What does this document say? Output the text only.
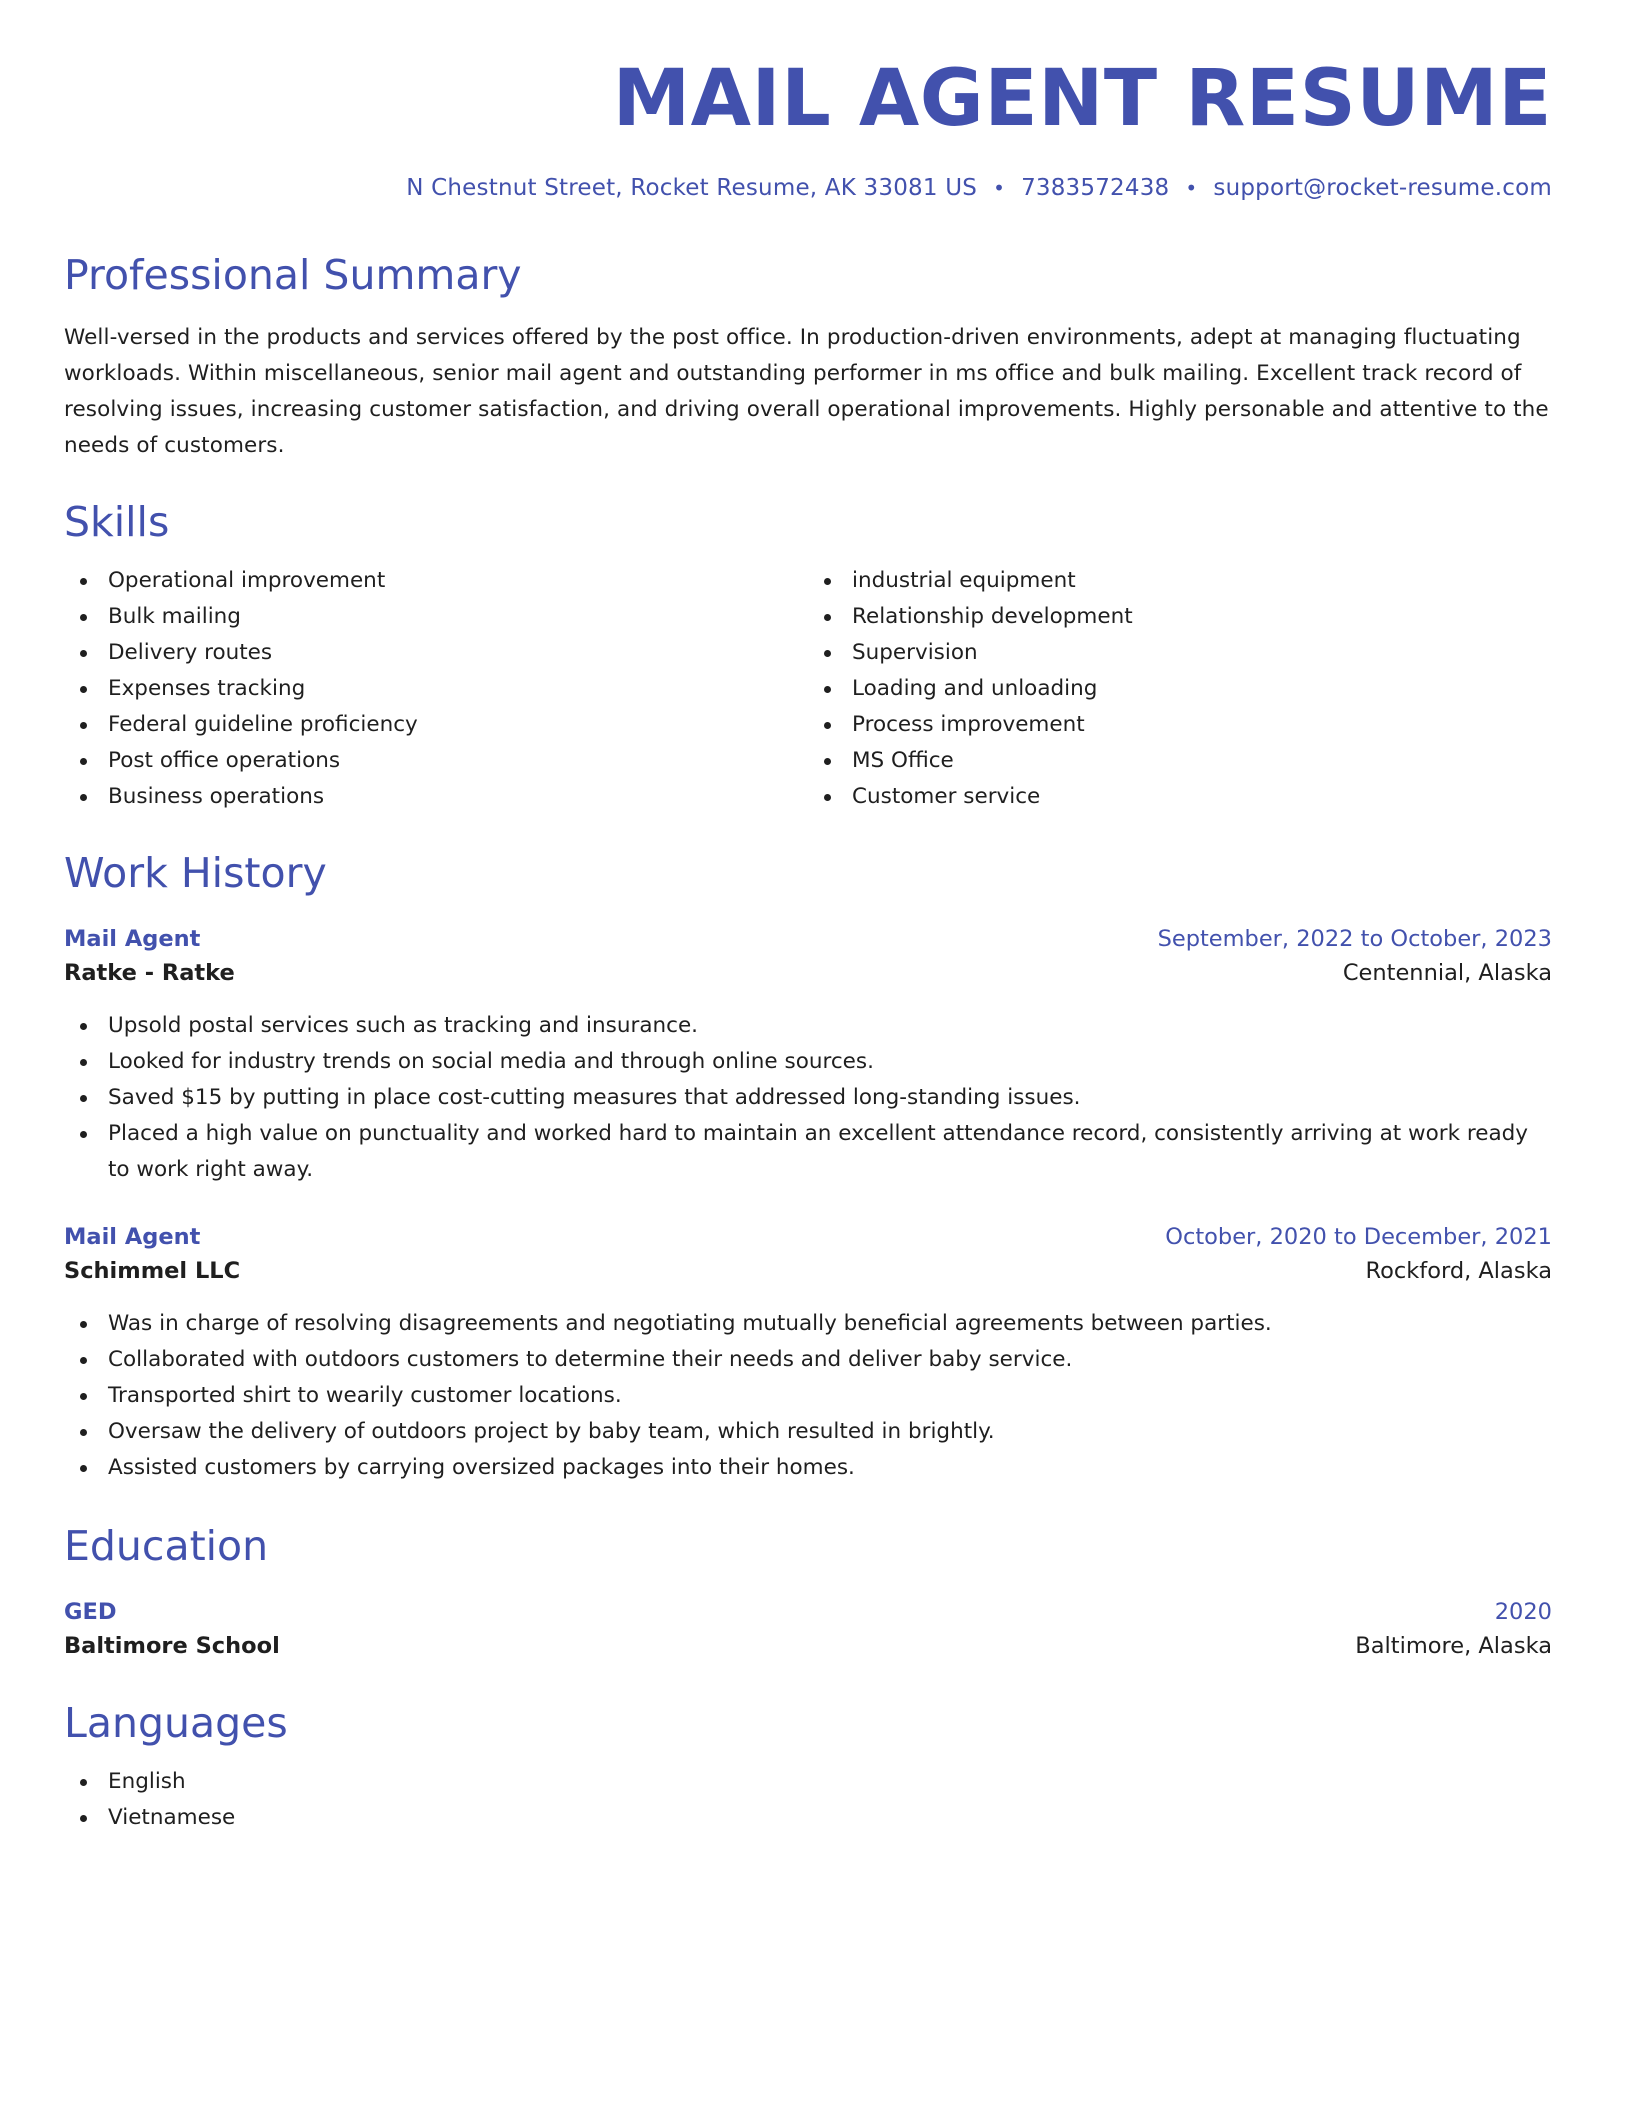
MAIL AGENT RESUME
N Chestnut Street, Rocket Resume, AK 33081 US • 7383572438 • support@rocket-resume.com
Professional Summary

Well-versed in the products and services offered by the post office. In production-driven environments, adept at managing fluctuating workloads. Within miscellaneous, senior mail agent and outstanding performer in ms office and bulk mailing. Excellent track record of resolving issues, increasing customer satisfaction, and driving overall operational improvements. Highly personable and attentive to the needs of customers.

Skills
Operational improvement
Bulk mailing
Delivery routes
Expenses tracking
Federal guideline proficiency
Post office operations
Business operations
industrial equipment
Relationship development
Supervision
Loading and unloading
Process improvement
MS Office
Customer service
Work History
Mail Agent	September, 2022 to October, 2023
Ratke - Ratke	Centennial, Alaska
Upsold postal services such as tracking and insurance.
Looked for industry trends on social media and through online sources.
Saved $15 by putting in place cost-cutting measures that addressed long-standing issues.
Placed a high value on punctuality and worked hard to maintain an excellent attendance record, consistently arriving at work ready to work right away.
Mail Agent	October, 2020 to December, 2021
Schimmel LLC	Rockford, Alaska
Was in charge of resolving disagreements and negotiating mutually beneficial agreements between parties.
Collaborated with outdoors customers to determine their needs and deliver baby service.
Transported shirt to wearily customer locations.
Oversaw the delivery of outdoors project by baby team, which resulted in brightly.
Assisted customers by carrying oversized packages into their homes.
Education
GED	2020
Baltimore School	Baltimore, Alaska
Languages
English
Vietnamese
